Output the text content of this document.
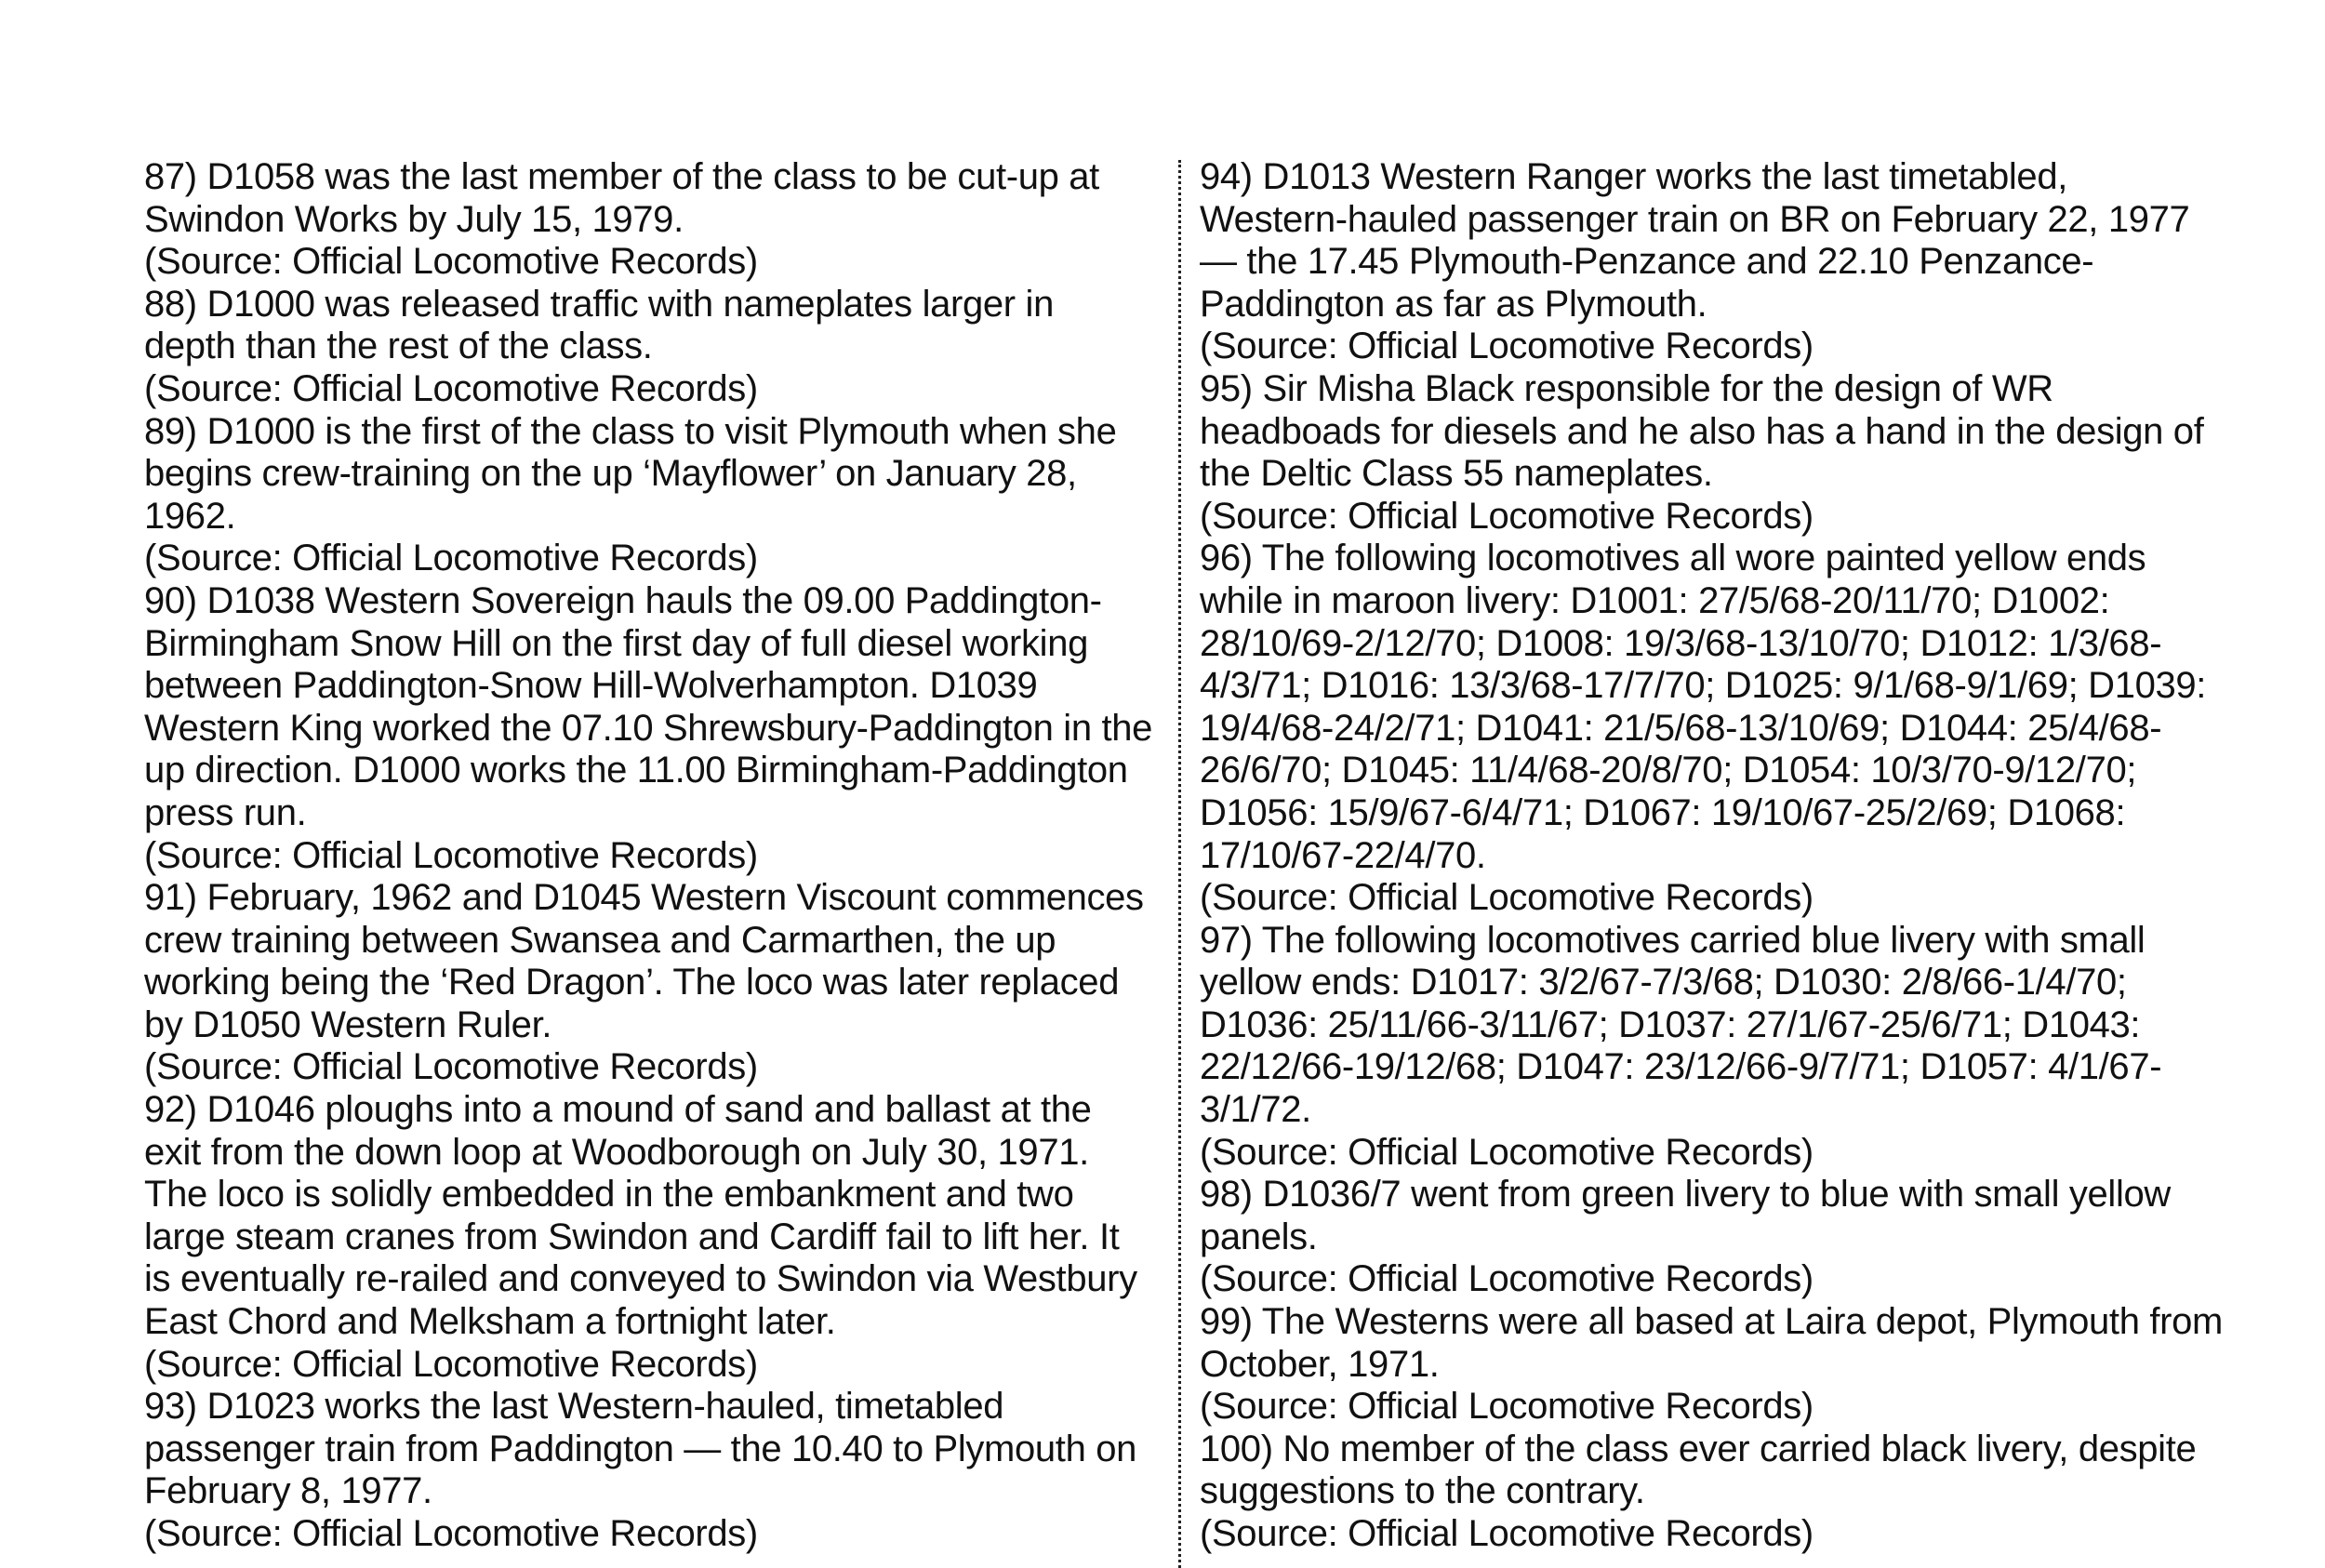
87) D1058 was the last member of the class to be cut-up at Swindon Works by July 15, 1979.
(Source: Official Locomotive Records)
88) D1000 was released traffic with nameplates larger in depth than the rest of the class.
(Source: Official Locomotive Records)
89) D1000 is the first of the class to visit Plymouth when she begins crew-training on the up ‘Mayflower’ on January 28, 1962.
(Source: Official Locomotive Records)
90) D1038 Western Sovereign hauls the 09.00 Paddington-Birmingham Snow Hill on the first day of full diesel working between Paddington-Snow Hill-Wolverhampton. D1039 Western King worked the 07.10 Shrewsbury-Paddington in the up direction. D1000 works the 11.00 Birmingham-Paddington press run.
(Source: Official Locomotive Records)
91) February, 1962 and D1045 Western Viscount commences crew training between Swansea and Carmarthen, the up working being the ‘Red Dragon’. The loco was later replaced by D1050 Western Ruler.
(Source: Official Locomotive Records)
92) D1046 ploughs into a mound of sand and ballast at the exit from the down loop at Woodborough on July 30, 1971. The loco is solidly embedded in the embankment and two large steam cranes from Swindon and Cardiff fail to lift her. It is eventually re-railed and conveyed to Swindon via Westbury East Chord and Melksham a fortnight later.
(Source: Official Locomotive Records)
93) D1023 works the last Western-hauled, timetabled passenger train from Paddington — the 10.40 to Plymouth on February 8, 1977.
(Source: Official Locomotive Records)
94) D1013 Western Ranger works the last timetabled, Western-hauled passenger train on BR on February 22, 1977 — the 17.45 Plymouth-Penzance and 22.10 Penzance-Paddington as far as Plymouth.
(Source: Official Locomotive Records)
95) Sir Misha Black responsible for the design of WR headboads for diesels and he also has a hand in the design of the Deltic Class 55 nameplates.
(Source: Official Locomotive Records)
96) The following locomotives all wore painted yellow ends while in maroon livery: D1001: 27/5/68-20/11/70; D1002: 28/10/69-2/12/70; D1008: 19/3/68-13/10/70; D1012: 1/3/68-4/3/71; D1016: 13/3/68-17/7/70; D1025: 9/1/68-9/1/69; D1039: 19/4/68-24/2/71; D1041: 21/5/68-13/10/69; D1044: 25/4/68-26/6/70; D1045: 11/4/68-20/8/70; D1054: 10/3/70-9/12/70; D1056: 15/9/67-6/4/71; D1067: 19/10/67-25/2/69; D1068: 17/10/67-22/4/70.
(Source: Official Locomotive Records)
97) The following locomotives carried blue livery with small yellow ends: D1017: 3/2/67-7/3/68; D1030: 2/8/66-1/4/70; D1036: 25/11/66-3/11/67; D1037: 27/1/67-25/6/71; D1043: 22/12/66-19/12/68; D1047: 23/12/66-9/7/71; D1057: 4/1/67-3/1/72.
(Source: Official Locomotive Records)
98) D1036/7 went from green livery to blue with small yellow panels.
(Source: Official Locomotive Records)
99) The Westerns were all based at Laira depot, Plymouth from October, 1971.
(Source: Official Locomotive Records)
100) No member of the class ever carried black livery, despite suggestions to the contrary.
(Source: Official Locomotive Records)
